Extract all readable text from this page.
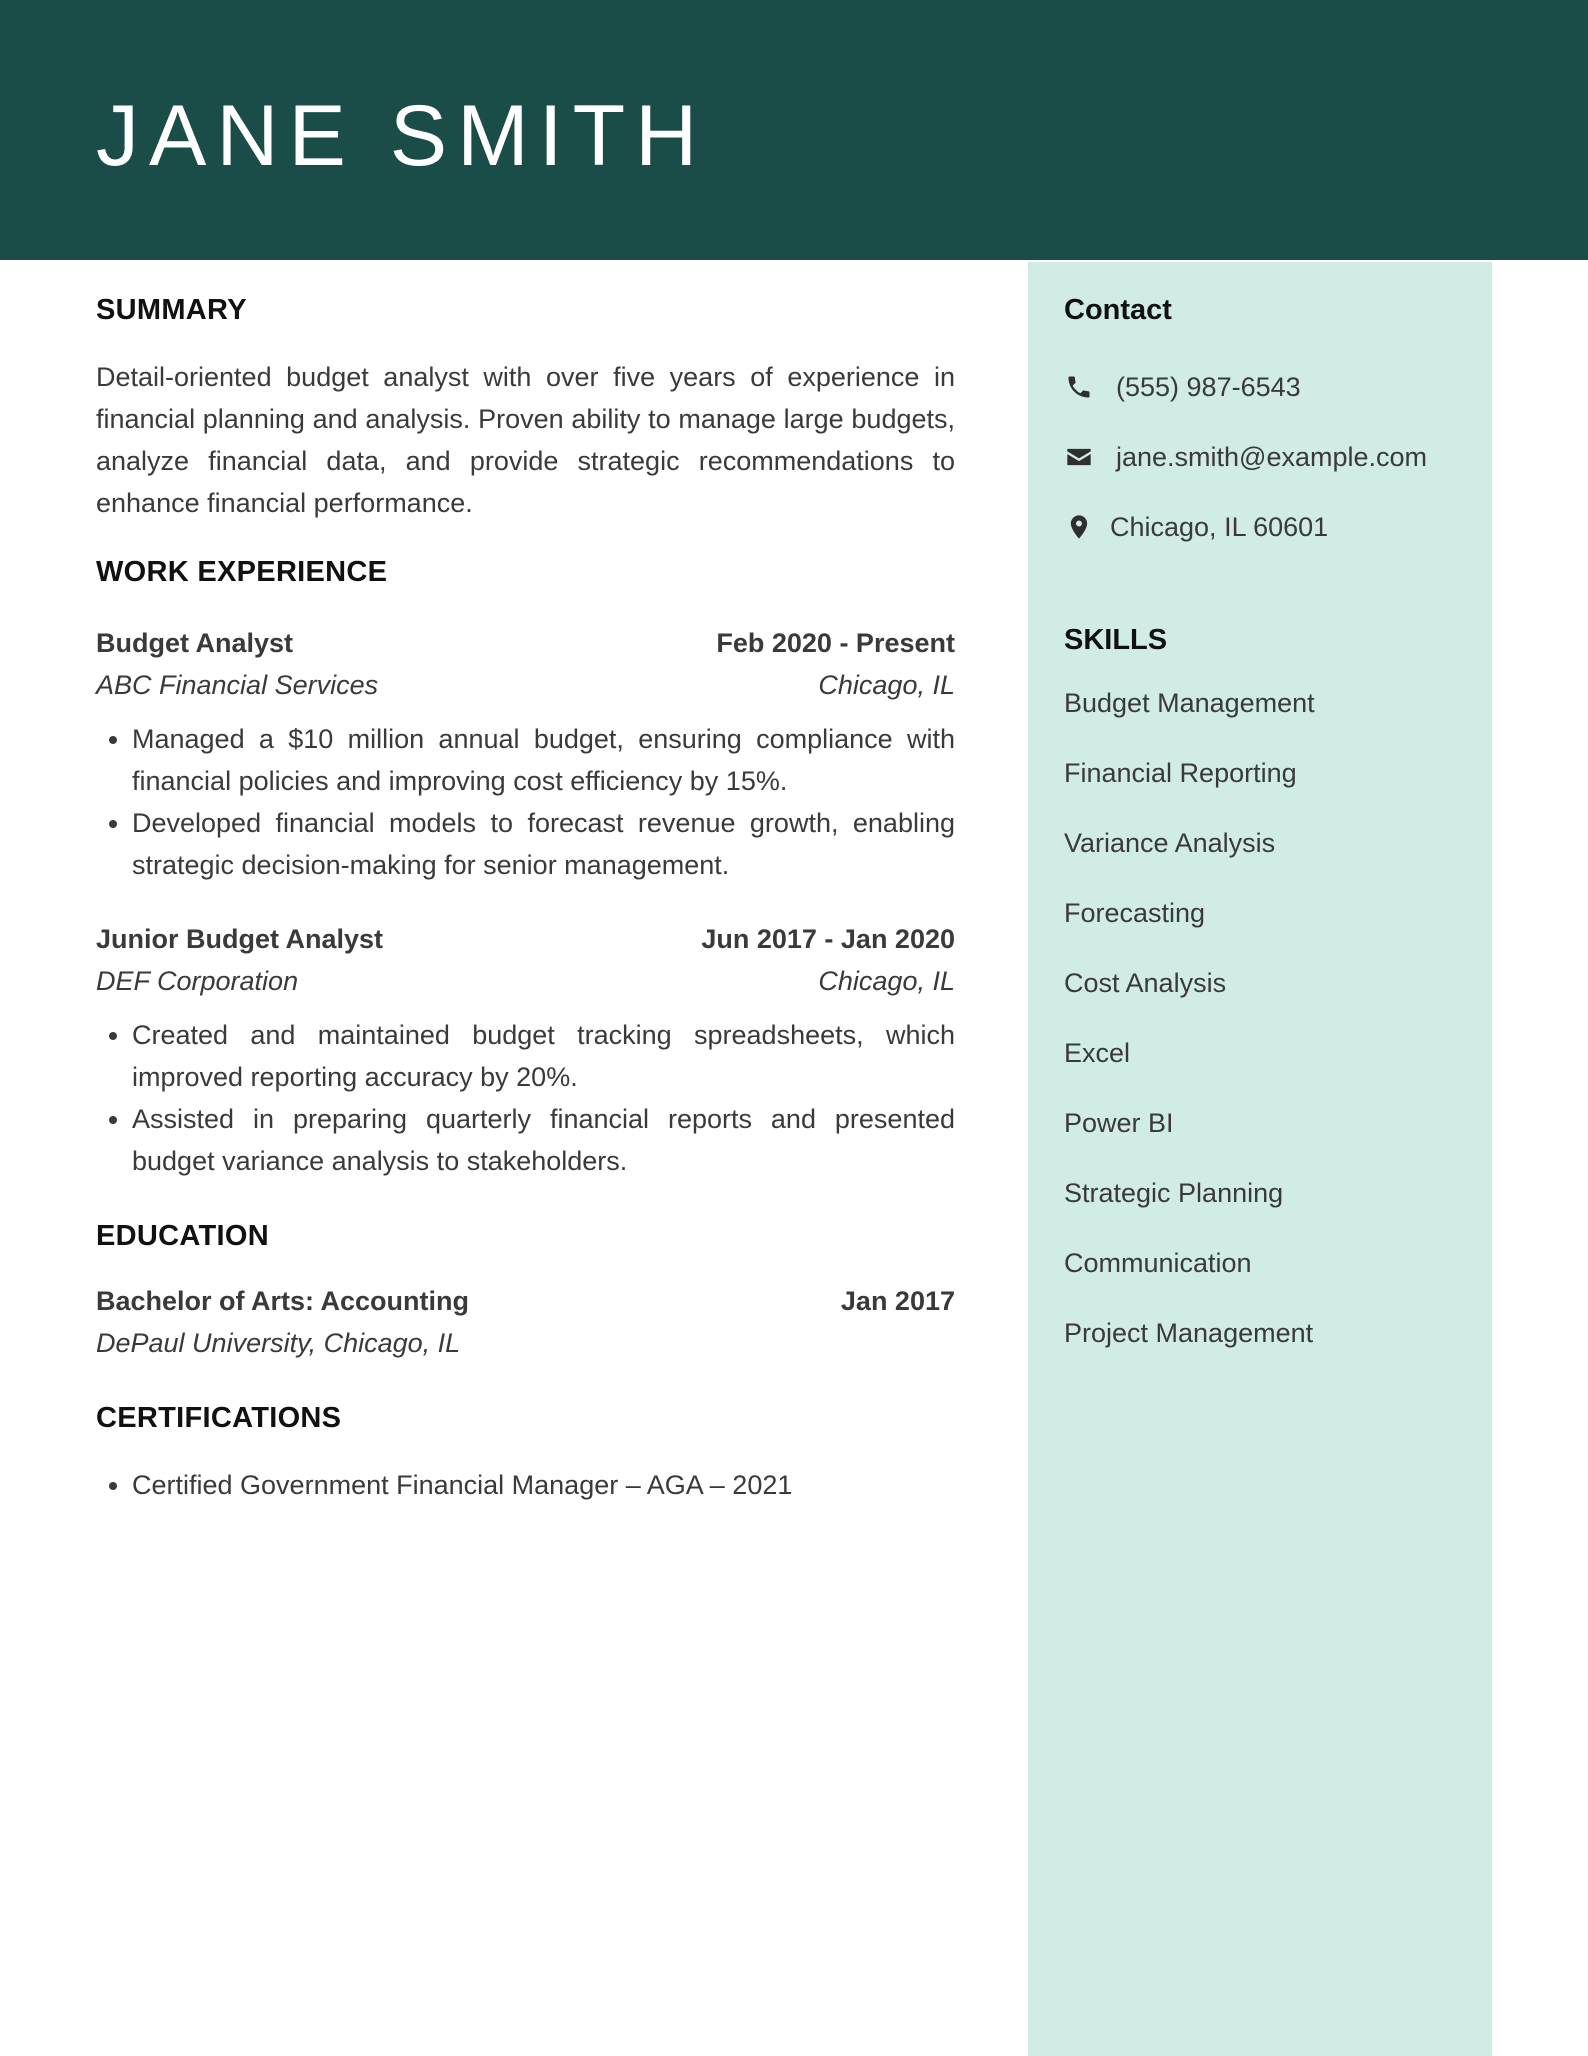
JANE SMITH
SUMMARY

Detail-oriented budget analyst with over five years of experience in financial planning and analysis. Proven ability to manage large budgets, analyze financial data, and provide strategic recommendations to enhance financial performance.

WORK EXPERIENCE
Budget Analyst	Feb 2020 - Present
ABC Financial Services	Chicago, IL
• Managed a $10 million annual budget, ensuring compliance with financial policies and improving cost efficiency by 15%.
• Developed financial models to forecast revenue growth, enabling strategic decision-making for senior management.
Junior Budget Analyst	Jun 2017 - Jan 2020
DEF Corporation	Chicago, IL
• Created and maintained budget tracking spreadsheets, which improved reporting accuracy by 20%.
• Assisted in preparing quarterly financial reports and presented budget variance analysis to stakeholders.
EDUCATION
Bachelor of Arts: Accounting	Jan 2017
DePaul University, Chicago, IL
CERTIFICATIONS
• Certified Government Financial Manager – AGA – 2021
Contact
(555) 987-6543
jane.smith@example.com
Chicago, IL 60601
SKILLS

Budget Management

Financial Reporting

Variance Analysis

Forecasting

Cost Analysis

Excel

Power BI

Strategic Planning

Communication

Project Management
